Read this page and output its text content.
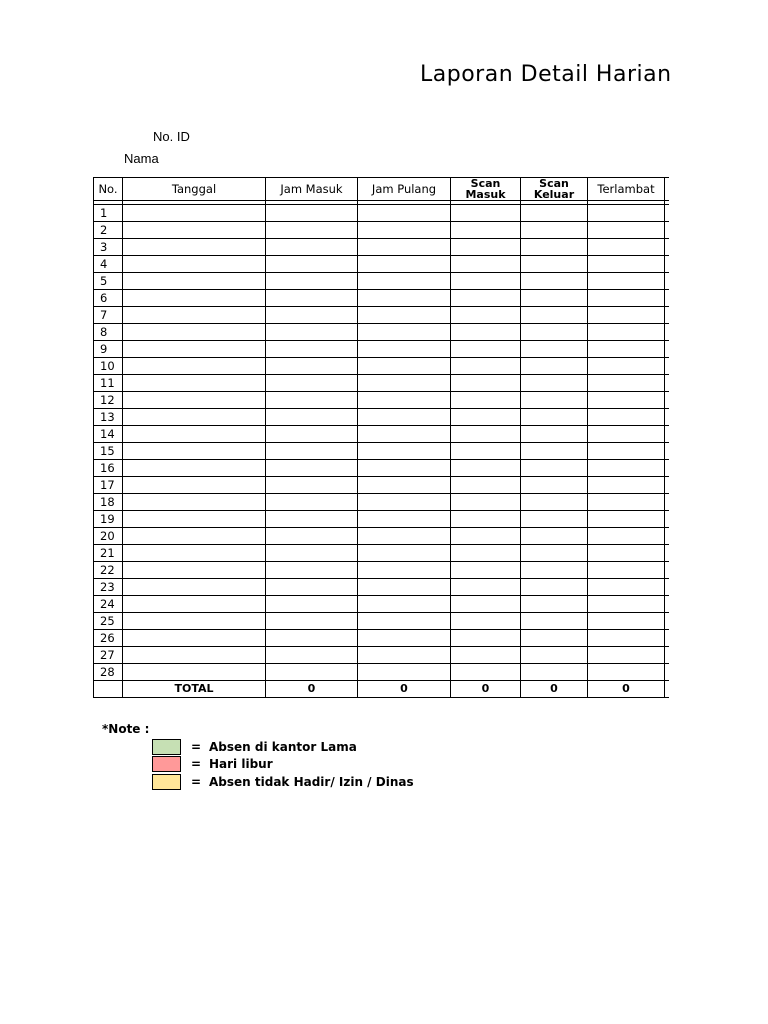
Laporan Detail Harian
No. ID
Nama
No.	Tanggal	Jam Masuk	Jam Pulang	Scan Masuk	Scan Keluar	Terlambat	

1							
2							
3							
4							
5							
6							
7							
8							
9							
10							
11							
12							
13							
14							
15							
16							
17							
18							
19							
20							
21							
22							
23							
24							
25							
26							
27							
28							
	TOTAL	0	0	0	0	0	
*Note :
= Absen di kantor Lama
= Hari libur
= Absen tidak Hadir/ Izin / Dinas
